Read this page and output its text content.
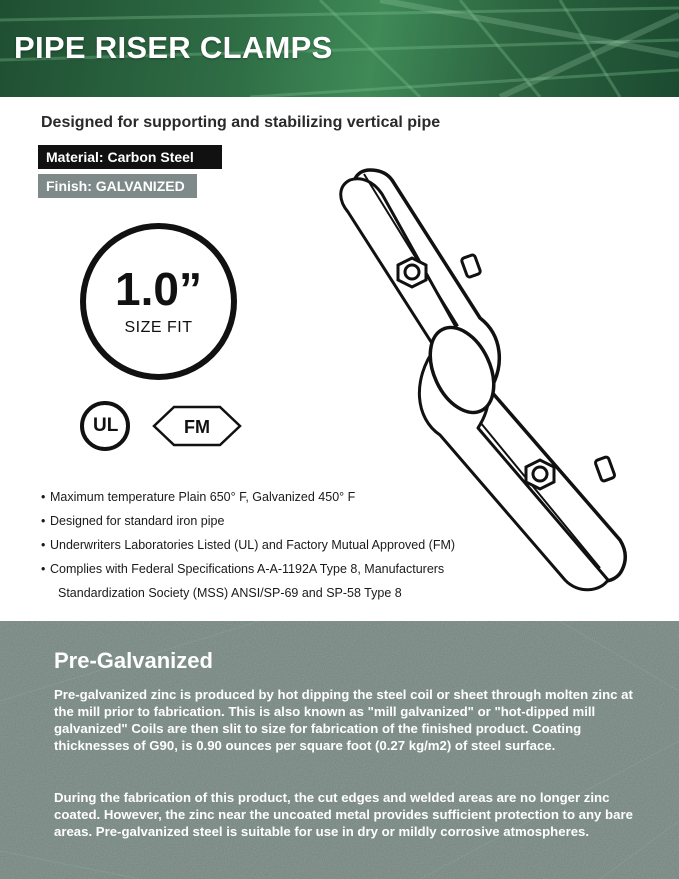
PIPE RISER CLAMPS
Designed for supporting and stabilizing vertical pipe
Material: Carbon Steel
Finish: GALVANIZED
1.0”
SIZE FIT
UL	FM
• Maximum temperature Plain 650° F, Galvanized 450° F
• Designed for standard iron pipe
• Underwriters Laboratories Listed (UL) and Factory Mutual Approved (FM)
• Complies with Federal Specifications A-A-1192A Type 8, Manufacturers
Standardization Society (MSS) ANSI/SP-69 and SP-58 Type 8
Pre-Galvanized

Pre-galvanized zinc is produced by hot dipping the steel coil or sheet through molten zinc at the mill prior to fabrication. This is also known as "mill galvanized" or "hot-dipped mill galvanized" Coils are then slit to size for fabrication of the finished product. Coating thicknesses of G90, is 0.90 ounces per square foot (0.27 kg/m2) of steel surface.

During the fabrication of this product, the cut edges and welded areas are no longer zinc coated. However, the zinc near the uncoated metal provides sufficient protection to any bare areas. Pre-galvanized steel is suitable for use in dry or mildly corrosive atmospheres.
